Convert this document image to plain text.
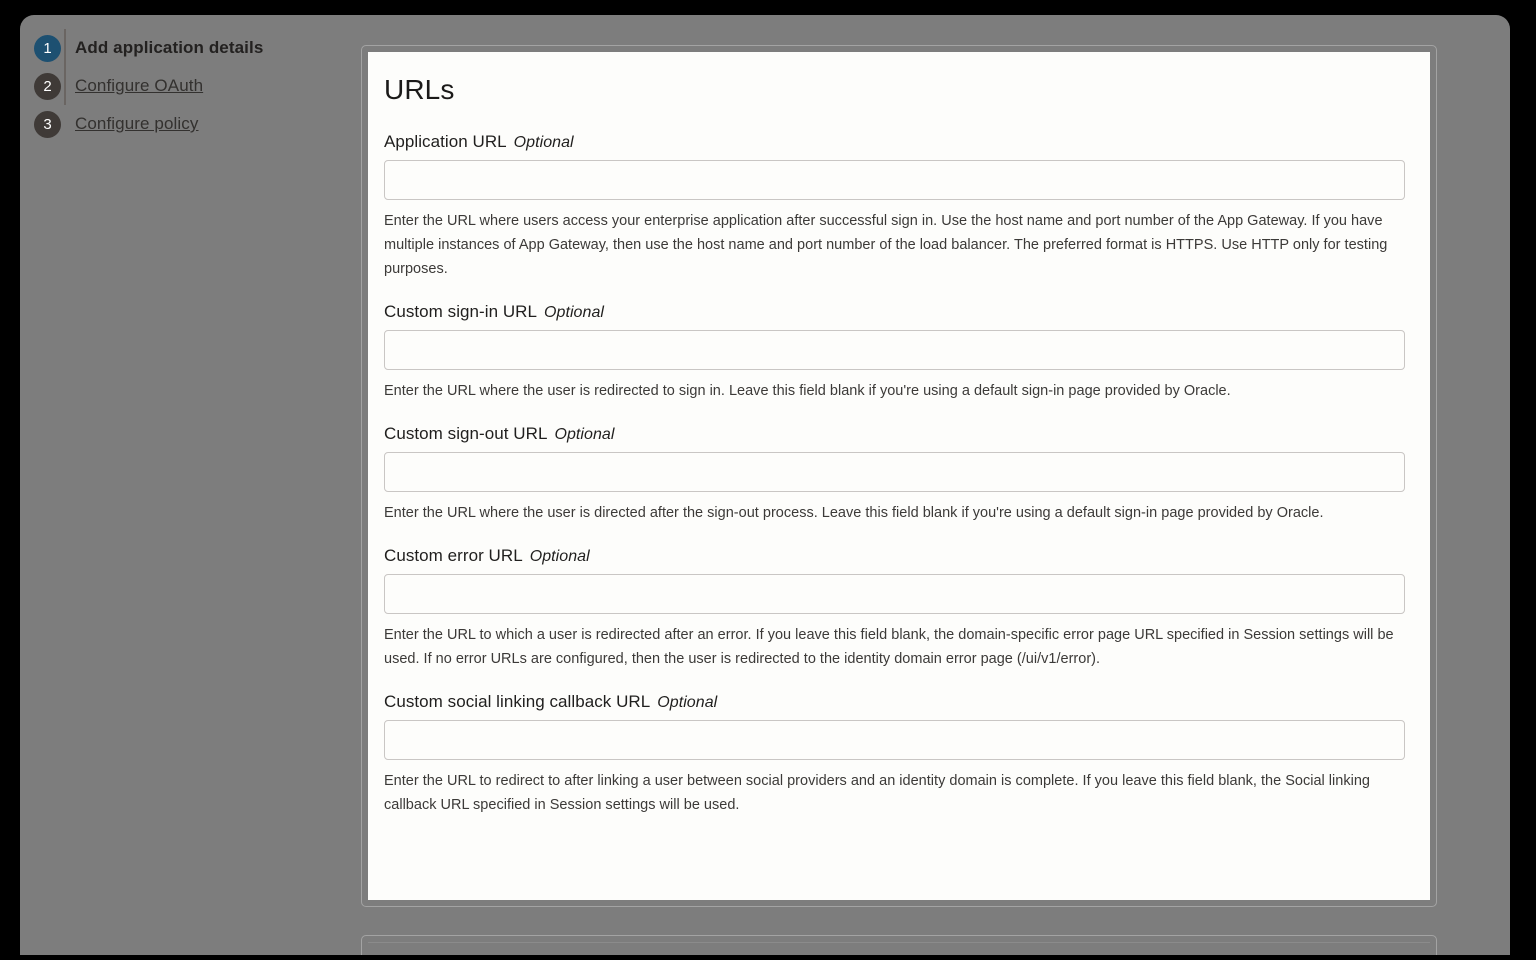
1	Add application details
2	Configure OAuth
3	Configure policy
URLs
Application URL Optional
Enter the URL where users access your enterprise application after successful sign in. Use the host name and port number of the App Gateway. If you have multiple instances of App Gateway, then use the host name and port number of the load balancer. The preferred format is HTTPS. Use HTTP only for testing purposes.
Custom sign-in URL Optional
Enter the URL where the user is redirected to sign in. Leave this field blank if you're using a default sign-in page provided by Oracle.
Custom sign-out URL Optional
Enter the URL where the user is directed after the sign-out process. Leave this field blank if you're using a default sign-in page provided by Oracle.
Custom error URL Optional
Enter the URL to which a user is redirected after an error. If you leave this field blank, the domain-specific error page URL specified in Session settings will be used. If no error URLs are configured, then the user is redirected to the identity domain error page (/ui/v1/error).
Custom social linking callback URL Optional
Enter the URL to redirect to after linking a user between social providers and an identity domain is complete. If you leave this field blank, the Social linking callback URL specified in Session settings will be used.
